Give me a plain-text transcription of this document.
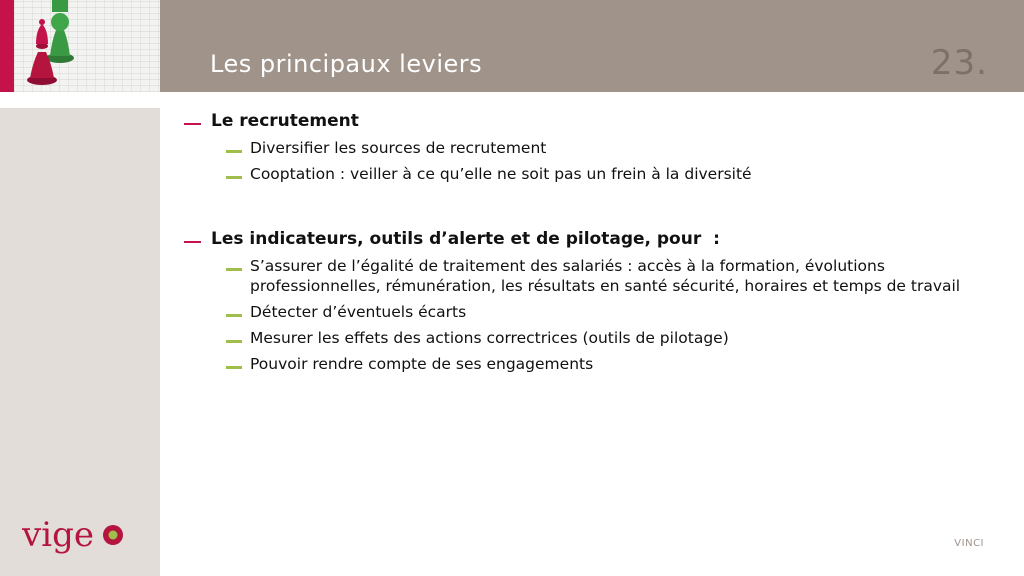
Les principaux leviers	23.
Le recrutement
Diversifier les sources de recrutement
Cooptation : veiller à ce qu’elle ne soit pas un frein à la diversité
Les indicateurs, outils d’alerte et de pilotage, pour  :
S’assurer de l’égalité de traitement des salariés : accès à la formation, évolutions professionnelles, rémunération, les résultats en santé sécurité, horaires et temps de travail
Détecter d’éventuels écarts
Mesurer les effets des actions correctrices (outils de pilotage)
Pouvoir rendre compte de ses engagements
vige	VINCI
